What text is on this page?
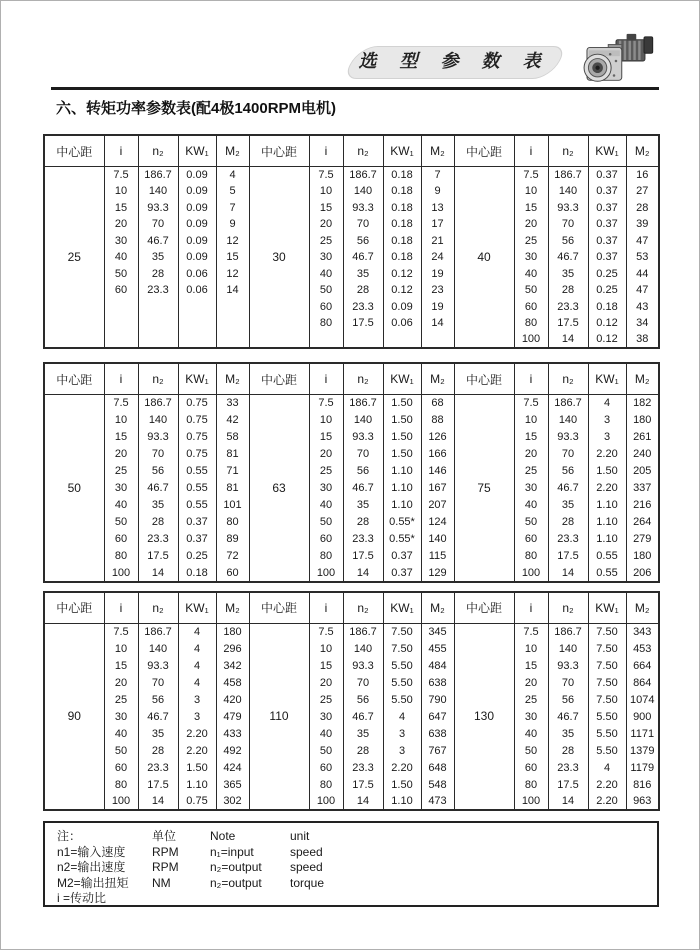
选 型 参 数 表
六、转矩功率参数表(配4极1400RPM电机)
中心距	i	n₂	KW₁	M₂	中心距	i	n₂	KW₁	M₂	中心距	i	n₂	KW₁	M₂
25	7.5	186.7	0.09	4	30	7.5	186.7	0.18	7	40	7.5	186.7	0.37	16
	10	140	0.09	5		10	140	0.18	9		10	140	0.37	27
	15	93.3	0.09	7		15	93.3	0.18	13		15	93.3	0.37	28
	20	70	0.09	9		20	70	0.18	17		20	70	0.37	39
	30	46.7	0.09	12		25	56	0.18	21		25	56	0.37	47
	40	35	0.09	15		30	46.7	0.18	24		30	46.7	0.37	53
	50	28	0.06	12		40	35	0.12	19		40	35	0.25	44
	60	23.3	0.06	14		50	28	0.12	23		50	28	0.25	47
						60	23.3	0.09	19		60	23.3	0.18	43
						80	17.5	0.06	14		80	17.5	0.12	34
											100	14	0.12	38
中心距	i	n₂	KW₁	M₂	中心距	i	n₂	KW₁	M₂	中心距	i	n₂	KW₁	M₂
50	7.5	186.7	0.75	33	63	7.5	186.7	1.50	68	75	7.5	186.7	4	182
	10	140	0.75	42		10	140	1.50	88		10	140	3	180
	15	93.3	0.75	58		15	93.3	1.50	126		15	93.3	3	261
	20	70	0.75	81		20	70	1.50	166		20	70	2.20	240
	25	56	0.55	71		25	56	1.10	146		25	56	1.50	205
	30	46.7	0.55	81		30	46.7	1.10	167		30	46.7	2.20	337
	40	35	0.55	101		40	35	1.10	207		40	35	1.10	216
	50	28	0.37	80		50	28	0.55*	124		50	28	1.10	264
	60	23.3	0.37	89		60	23.3	0.55*	140		60	23.3	1.10	279
	80	17.5	0.25	72		80	17.5	0.37	115		80	17.5	0.55	180
	100	14	0.18	60		100	14	0.37	129		100	14	0.55	206
中心距	i	n₂	KW₁	M₂	中心距	i	n₂	KW₁	M₂	中心距	i	n₂	KW₁	M₂
90	7.5	186.7	4	180	110	7.5	186.7	7.50	345	130	7.5	186.7	7.50	343
	10	140	4	296		10	140	7.50	455		10	140	7.50	453
	15	93.3	4	342		15	93.3	5.50	484		15	93.3	7.50	664
	20	70	4	458		20	70	5.50	638		20	70	7.50	864
	25	56	3	420		25	56	5.50	790		25	56	7.50	1074
	30	46.7	3	479		30	46.7	4	647		30	46.7	5.50	900
	40	35	2.20	433		40	35	3	638		40	35	5.50	1171
	50	28	2.20	492		50	28	3	767		50	28	5.50	1379
	60	23.3	1.50	424		60	23.3	2.20	648		60	23.3	4	1179
	80	17.5	1.10	365		80	17.5	1.50	548		80	17.5	2.20	816
	100	14	0.75	302		100	14	1.10	473		100	14	2.20	963
注：	单位	Note	unit
n1=输入速度 RPM	n₁=input	speed
n2=输出速度 RPM	n₂=output speed
M2=输出扭矩 NM	n₂=output torque
i =传动比
